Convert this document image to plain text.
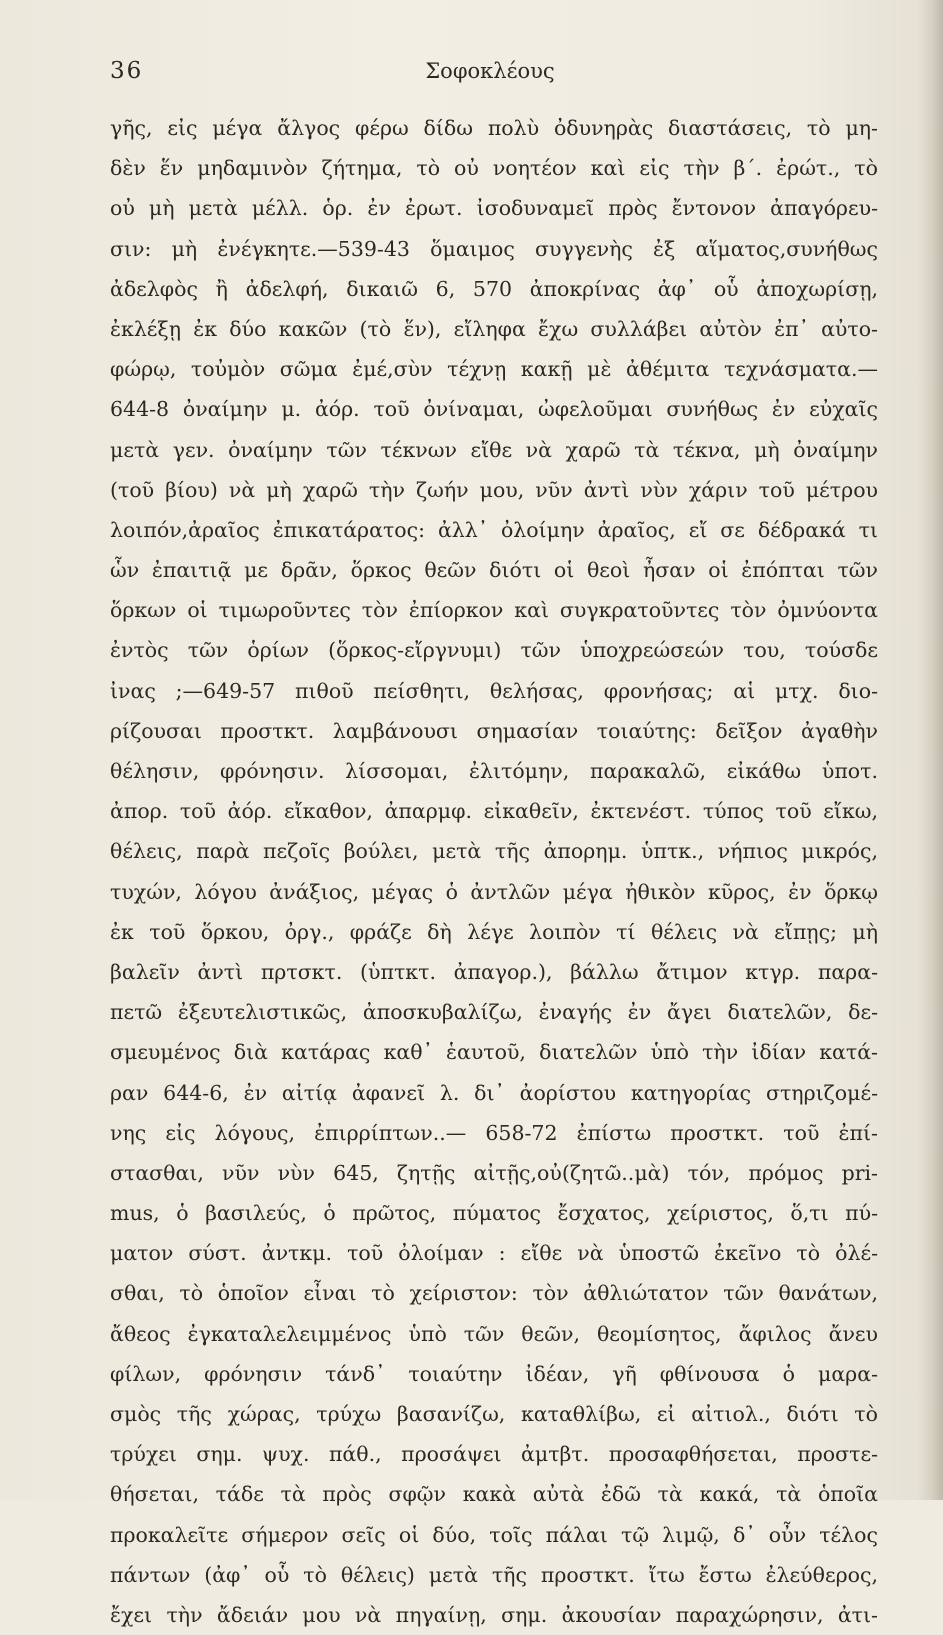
36	Σοφοκλέους
γῆς, εἰς μέγα ἄλγος φέρω δίδω πολὺ ὀδυνηρὰς διαστάσεις, τὸ μη-
δὲν ἕν μηδαμινὸν ζήτημα, τὸ οὐ νοητέον καὶ εἰς τὴν β΄. ἐρώτ., τὸ
οὐ μὴ μετὰ μέλλ. ὁρ. ἐν ἐρωτ. ἰσοδυναμεῖ πρὸς ἔντονον ἀπαγόρευ-
σιν: μὴ ἐνέγκητε.—539-43 ὅμαιμος συγγενὴς ἐξ αἵματος,συνήθως
ἀδελφὸς ἢ ἀδελφή, δικαιῶ 6, 570 ἀποκρίνας ἀφ᾽ οὗ ἀποχωρίσῃ,
ἐκλέξῃ ἐκ δύο κακῶν (τὸ ἕν), εἴληφα ἔχω συλλάβει αὐτὸν ἐπ᾽ αὐτο-
φώρῳ, τοὐμὸν σῶμα ἐμέ,σὺν τέχνῃ κακῇ μὲ ἀθέμιτα τεχνάσματα.—
644-8 ὀναίμην μ. ἀόρ. τοῦ ὀνίναμαι, ὠφελοῦμαι συνήθως ἐν εὐχαῖς
μετὰ γεν. ὀναίμην τῶν τέκνων εἴθε νὰ χαρῶ τὰ τέκνα, μὴ ὀναίμην
(τοῦ βίου) νὰ μὴ χαρῶ τὴν ζωήν μου, νῦν ἀντὶ νὺν χάριν τοῦ μέτρου
λοιπόν,ἀραῖος ἐπικατάρατος: ἀλλ᾽ ὀλοίμην ἀραῖος, εἴ σε δέδρακά τι
ὧν ἐπαιτιᾷ με δρᾶν, ὅρκος θεῶν διότι οἱ θεοὶ ἦσαν οἱ ἐπόπται τῶν
ὅρκων οἱ τιμωροῦντες τὸν ἐπίορκον καὶ συγκρατοῦντες τὸν ὀμνύοντα
ἐντὸς τῶν ὁρίων (ὅρκος-εἴργνυμι) τῶν ὑποχρεώσεών του, τούσδε
ἰνας ;—649-57 πιθοῦ πείσθητι, θελήσας, φρονήσας; αἱ μτχ. διο-
ρίζουσαι προστκτ. λαμβάνουσι σημασίαν τοιαύτης: δεῖξον ἀγαθὴν
θέλησιν, φρόνησιν. λίσσομαι, ἐλιτόμην, παρακαλῶ, εἰκάθω ὑποτ.
ἀπορ. τοῦ ἀόρ. εἴκαθον, ἀπαρμφ. εἰκαθεῖν, ἐκτενέστ. τύπος τοῦ εἴκω,
θέλεις, παρὰ πεζοῖς βούλει, μετὰ τῆς ἀπορημ. ὑπτκ., νήπιος μικρός,
τυχών, λόγου ἀνάξιος, μέγας ὁ ἀντλῶν μέγα ἠθικὸν κῦρος, ἐν ὅρκῳ
ἐκ τοῦ ὅρκου, ὀργ., φράζε δὴ λέγε λοιπὸν τί θέλεις νὰ εἴπῃς; μὴ
βαλεῖν ἀντὶ πρτσκτ. (ὑπτκτ. ἀπαγορ.), βάλλω ἄτιμον κτγρ. παρα-
πετῶ ἐξευτελιστικῶς, ἀποσκυβαλίζω, ἐναγής ἐν ἄγει διατελῶν, δε-
σμευμένος διὰ κατάρας καθ᾽ ἑαυτοῦ, διατελῶν ὑπὸ τὴν ἰδίαν κατά-
ραν 644-6, ἐν αἰτίᾳ ἀφανεῖ λ. δι᾽ ἀορίστου κατηγορίας στηριζομέ-
νης εἰς λόγους, ἐπιρρίπτων..— 658-72 ἐπίστω προστκτ. τοῦ ἐπί-
στασθαι, νῦν νὺν 645, ζητῇς αἰτῇς,οὐ(ζητῶ..μὰ) τόν, πρόμος pri-
mus, ὁ βασιλεύς, ὁ πρῶτος, πύματος ἔσχατος, χείριστος, ὅ,τι πύ-
ματον σύστ. ἀντκμ. τοῦ ὀλοίμαν : εἴθε νὰ ὑποστῶ ἐκεῖνο τὸ ὀλέ-
σθαι, τὸ ὁποῖον εἶναι τὸ χείριστον: τὸν ἀθλιώτατον τῶν θανάτων,
ἄθεος ἐγκαταλελειμμένος ὑπὸ τῶν θεῶν, θεομίσητος, ἄφιλος ἄνευ
φίλων, φρόνησιν τάνδ᾽ τοιαύτην ἰδέαν, γῆ φθίνουσα ὁ μαρα-
σμὸς τῆς χώρας, τρύχω βασανίζω, καταθλίβω, εἰ αἰτιολ., διότι τὸ
τρύχει σημ. ψυχ. πάθ., προσάψει ἀμτβτ. προσαφθήσεται, προστε-
θήσεται, τάδε τὰ πρὸς σφῷν κακὰ αὐτὰ ἐδῶ τὰ κακά, τὰ ὁποῖα
προκαλεῖτε σήμερον σεῖς οἱ δύο, τοῖς πάλαι τῷ λιμῷ, δ᾽ οὖν τέλος
πάντων (ἀφ᾽ οὗ τὸ θέλεις) μετὰ τῆς προστκτ. ἴτω ἔστω ἐλεύθερος,
ἔχει τὴν ἄδειάν μου νὰ πηγαίνῃ, σημ. ἀκουσίαν παραχώρησιν, ἀτι-
